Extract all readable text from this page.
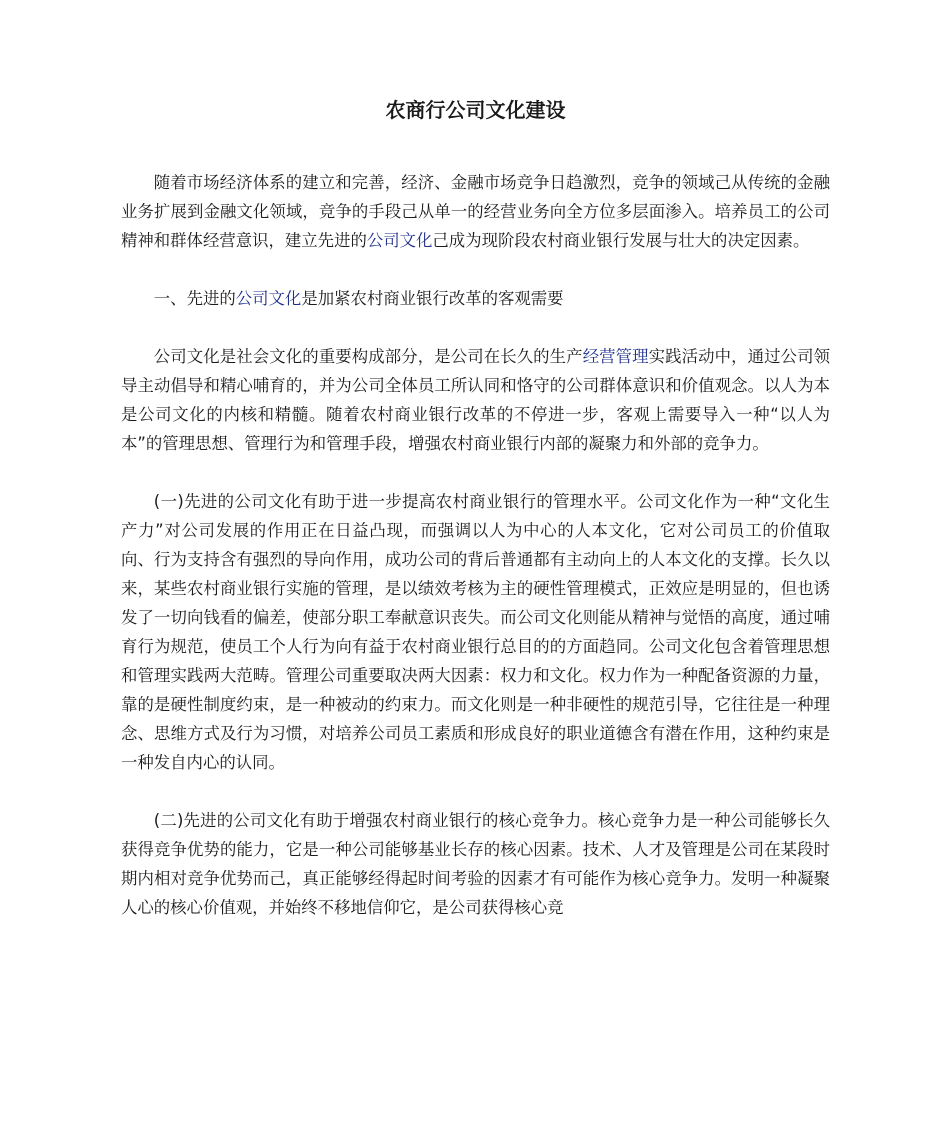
农商行公司文化建设

随着市场经济体系的建立和完善，经济、金融市场竞争日趋激烈，竞争的领域己从传统的金融业务扩展到金融文化领域，竞争的手段己从单一的经营业务向全方位多层面渗入。培养员工的公司精神和群体经营意识，建立先进的公司文化己成为现阶段农村商业银行发展与壮大的决定因素。

一、先进的公司文化是加紧农村商业银行改革的客观需要

公司文化是社会文化的重要构成部分，是公司在长久的生产经营管理实践活动中，通过公司领导主动倡导和精心哺育的，并为公司全体员工所认同和恪守的公司群体意识和价值观念。以人为本是公司文化的内核和精髓。随着农村商业银行改革的不停进一步，客观上需要导入一种“以人为本”的管理思想、管理行为和管理手段，增强农村商业银行内部的凝聚力和外部的竞争力。

(一)先进的公司文化有助于进一步提高农村商业银行的管理水平。公司文化作为一种“文化生产力”对公司发展的作用正在日益凸现，而强调以人为中心的人本文化，它对公司员工的价值取向、行为支持含有强烈的导向作用，成功公司的背后普通都有主动向上的人本文化的支撑。长久以来，某些农村商业银行实施的管理，是以绩效考核为主的硬性管理模式，正效应是明显的，但也诱发了一切向钱看的偏差，使部分职工奉献意识丧失。而公司文化则能从精神与觉悟的高度，通过哺育行为规范，使员工个人行为向有益于农村商业银行总目的的方面趋同。公司文化包含着管理思想和管理实践两大范畴。管理公司重要取决两大因素：权力和文化。权力作为一种配备资源的力量，靠的是硬性制度约束，是一种被动的约束力。而文化则是一种非硬性的规范引导，它往往是一种理念、思维方式及行为习惯，对培养公司员工素质和形成良好的职业道德含有潜在作用，这种约束是一种发自内心的认同。

(二)先进的公司文化有助于增强农村商业银行的核心竞争力。核心竞争力是一种公司能够长久获得竞争优势的能力，它是一种公司能够基业长存的核心因素。技术、人才及管理是公司在某段时期内相对竞争优势而己，真正能够经得起时间考验的因素才有可能作为核心竞争力。发明一种凝聚人心的核心价值观，并始终不移地信仰它，是公司获得核心竞
